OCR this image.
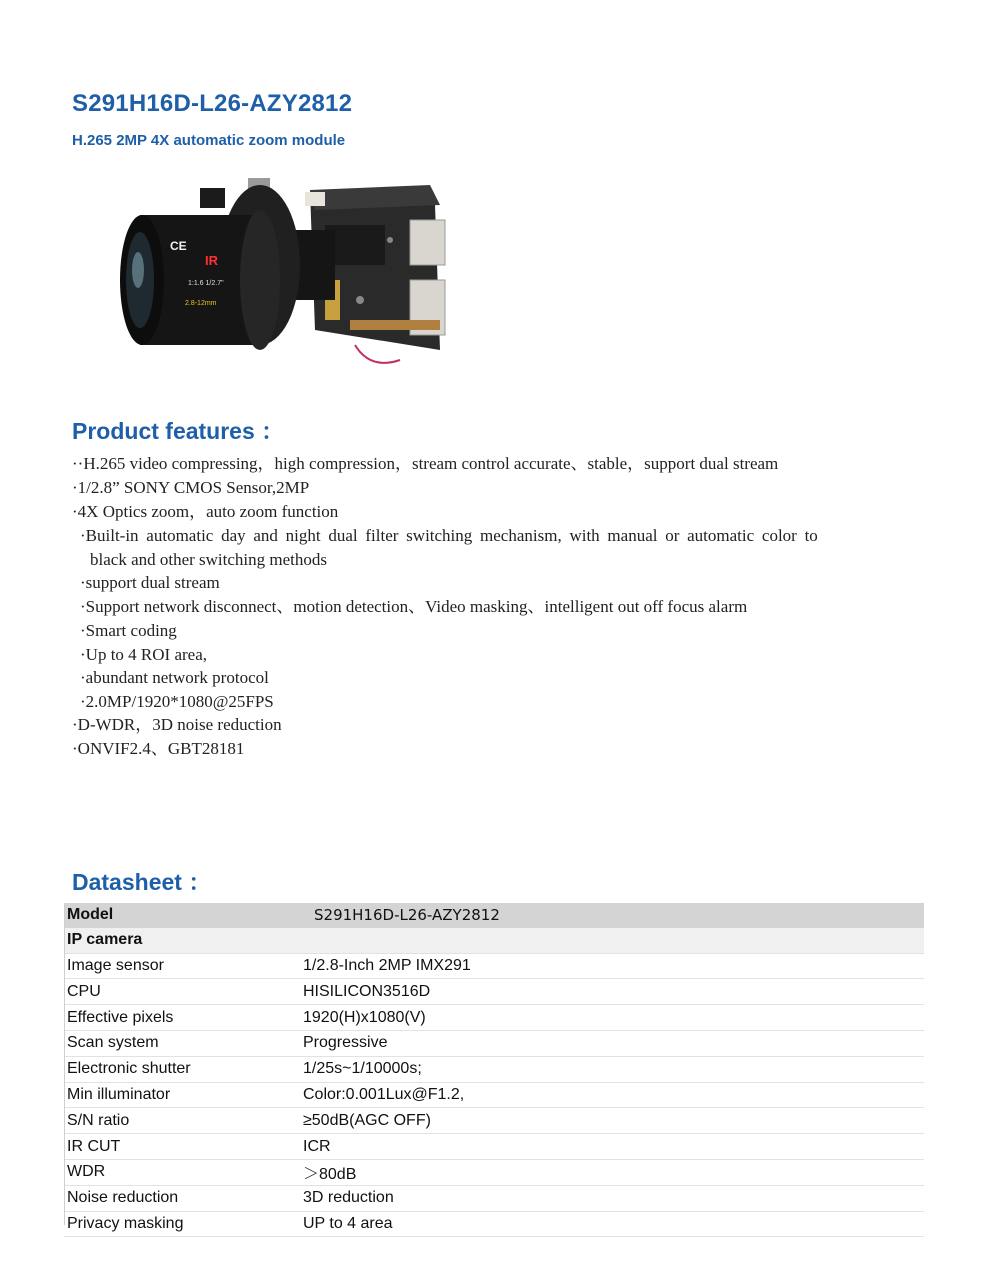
S291H16D-L26-AZY2812
H.265 2MP 4X automatic zoom module
CE
IR
1:1.6 1/2.7"
2.8-12mm
Product features ：
··H.265 video compressing，high compression，stream control accurate、stable，support dual stream
·1/2.8” SONY CMOS Sensor,2MP
·4X Optics zoom，auto zoom function
·Built-in automatic day and night dual filter switching mechanism, with manual or automatic color to
black and other switching methods
·support dual stream
·Support network disconnect、motion detection、Video masking、intelligent out off focus alarm
·Smart coding
·Up to 4 ROI area,
·abundant network protocol
·2.0MP/1920*1080@25FPS
·D-WDR，3D noise reduction
·ONVIF2.4、GBT28181
Datasheet ：
Model	S291H16D-L26-AZY2812
IP camera	
Image sensor	1/2.8-Inch 2MP IMX291
CPU	HISILICON3516D
Effective pixels	1920(H)x1080(V)
Scan system	Progressive
Electronic shutter	1/25s~1/10000s;
Min illuminator	Color:0.001Lux@F1.2,
S/N ratio	≥50dB(AGC OFF)
IR CUT	ICR
WDR	＞80dB
Noise reduction	3D reduction
Privacy masking	UP to 4 area
